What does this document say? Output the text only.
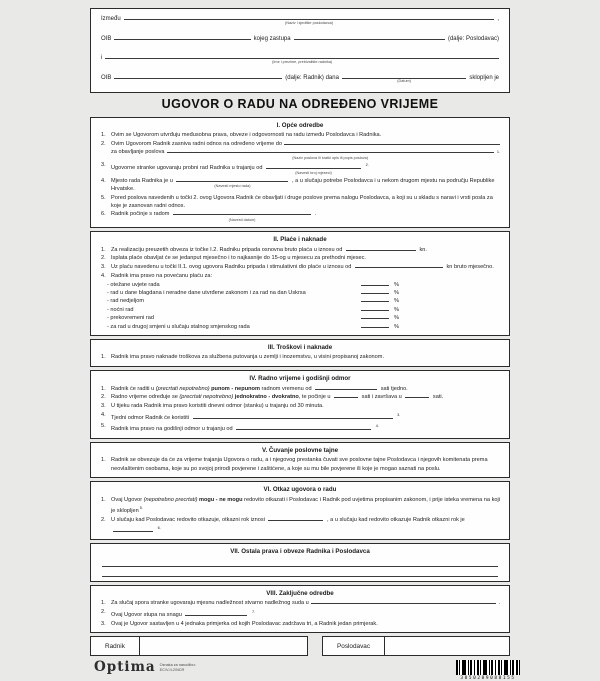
Između
(Naziv i sjedište poslodavca)
,
OIB	kojeg zastupa	(dalje: Poslodavac)
i
(Ime i prezime, prebivalište radnika)
OIB	(dalje: Radnik) dana
(Datum)
sklopljen je
UGOVOR O RADU NA ODREĐENO VRIJEME
I. Opće odredbe
1. Ovim se Ugovorom utvrđuju međusobna prava, obveze i odgovornosti na radu između Poslodavca i Radnika.
2. Ovim Ugovorom Radnik zasniva radni odnos na određeno vrijeme do
za obavljanje poslova
(Naziv poslova ili kratki opis ili popis poslova)
$_{1.}$
3. Ugovorne stranke ugovaraju probni rad Radnika u trajanju od
(Navesti broj mjeseci)
$^{2.}$
4. Mjesto rada Radnika je u
(Navesti mjesto rada)
, a u slučaju potrebe Poslodavca i u nekom drugom mjestu na području Republike Hrvatske.
5. Pored poslova navedenih u točki 2. ovog Ugovora Radnik će obavljati i druge poslove prema nalogu Poslodavca, a koji su u skladu s naravi i vrsti posla za koje je zasnovan radni odnos.
6. Radnik počinje s radom
(Navesti datum)
.
II. Plaće i naknade
1. Za realizaciju preuzetih obveza iz točke I.2. Radniku pripada osnovna bruto plaća u iznosu od	kn.
2. Isplata plaće obavljat će se jedanput mjesečno i to najkasnije do 15-og u mjesecu za prethodni mjesec.
3. Uz plaću navedenu u točki II.1. ovog ugovora Radniku pripada i stimulativni dio plaće u iznosu od	kn bruto mjesečno.
4. Radnik ima pravo na povećanu plaću za:
- otežane uvjete rada	%
- rad u dane blagdana i neradne dane utvrđene zakonom i za rad na dan Uskrsa	%
- rad nedjeljom	%
- noćni rad	%
- prekovremeni rad	%
- za rad u drugoj smjeni u slučaju stalnog smjenskog rada	%
III. Troškovi i naknade
1. Radnik ima pravo naknade troškova za službena putovanja u zemlji i inozemstvu, u visini propisanoj zakonom.
IV. Radno vrijeme i godišnji odmor
1. Radnik će raditi u (precrtati nepotrebno) punom - nepunom radnom vremenu od	sati tjedno.
2. Radno vrijeme određuje se (precrtati nepotrebno) jednokratno - dvokratno, te počinje u	sati i završava u	sati.
3. U tijeku rada Radnik ima pravo koristiti dnevni odmor (stanku) u trajanju od 30 minuta.
4. Tjedni odmor Radnik će koristiti	$^{3.}$
5. Radnik ima pravo na godišnji odmor u trajanju od	$^{4.}$
V. Čuvanje poslovne tajne
1. Radnik se obvezuje da će za vrijeme trajanja Ugovora o radu, a i njegovog prestanka čuvati sve poslovne tajne Poslodavca i njegovih komitenata prema neovlaštenim osobama, koje su po svojoj prirodi povjerene i zaštićene, a koje su mu bile povjerene ili koje je mogao saznati na poslu.
VI. Otkaz ugovora o radu
1. Ovaj Ugovor (nepotrebno precrtati) mogu - ne mogu redovito otkazati i Poslodavac i Radnik pod uvjetima propisanim zakonom, i prije isteka vremena na koji je sklopljen$^{5.}$
2. U slučaju kad Poslodavac redovito otkazuje, otkazni rok iznosi	, a u slučaju kad redovito otkazuje Radnik otkazni rok je  $^{6.}$
VII. Ostala prava i obveze Radnika i Poslodavca
VIII. Zaključne odredbe
1. Za slučaj spora stranke ugovaraju mjesnu nadležnost stvarno nadležnog suda u	.
2. Ovaj Ugovor stupa na snagu	$^{7.}$
3. Ovaj je Ugovor sastavljen u 4 jednaka primjerka od kojih Poslodavac zadržava tri, a Radnik jedan primjerak.
Radnik	Poslodavac
Optima Oznaka za narudžbu:
EC/V-II-2/NCR
3850289088155
